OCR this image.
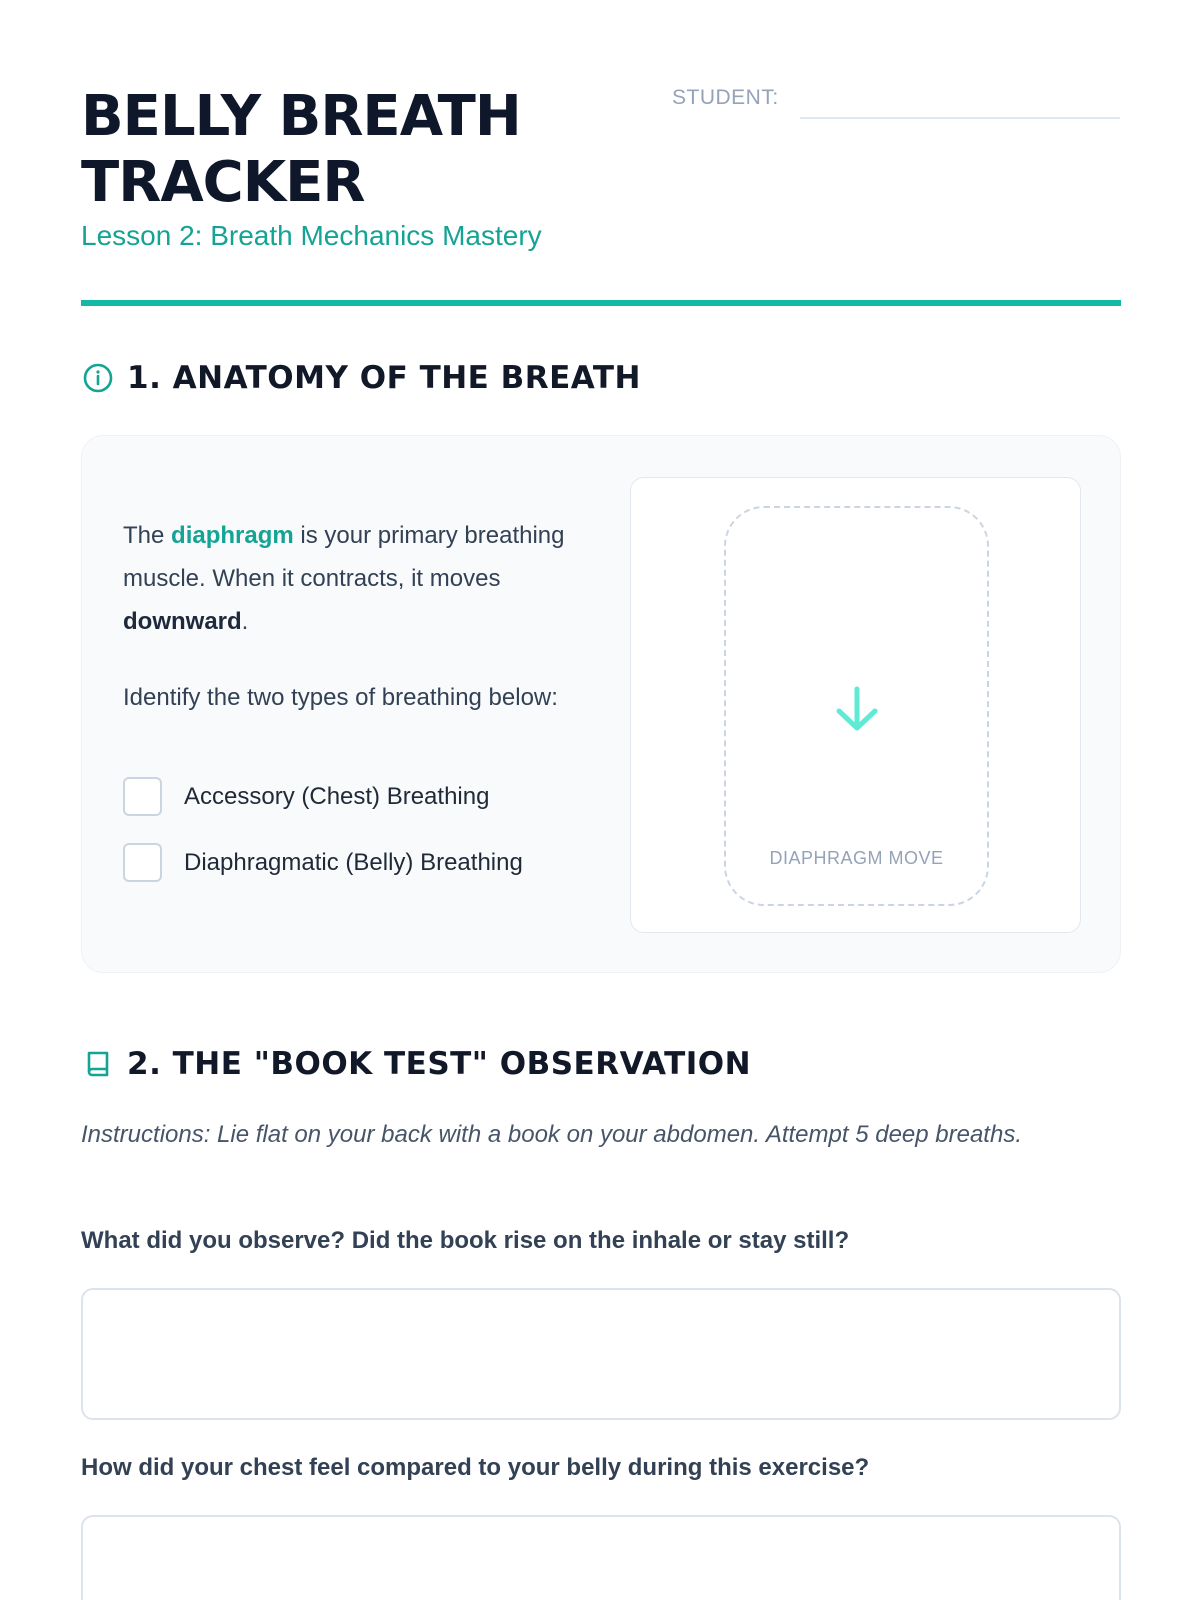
BELLY BREATH
TRACKER
Lesson 2: Breath Mechanics Mastery
STUDENT:
1. ANATOMY OF THE BREATH
The diaphragm is your primary breathing muscle. When it contracts, it moves downward.
Identify the two types of breathing below:
Accessory (Chest) Breathing
Diaphragmatic (Belly) Breathing	DIAPHRAGM MOVE
2. THE "BOOK TEST" OBSERVATION
Instructions: Lie flat on your back with a book on your abdomen. Attempt 5 deep breaths.
What did you observe? Did the book rise on the inhale or stay still?
How did your chest feel compared to your belly during this exercise?
